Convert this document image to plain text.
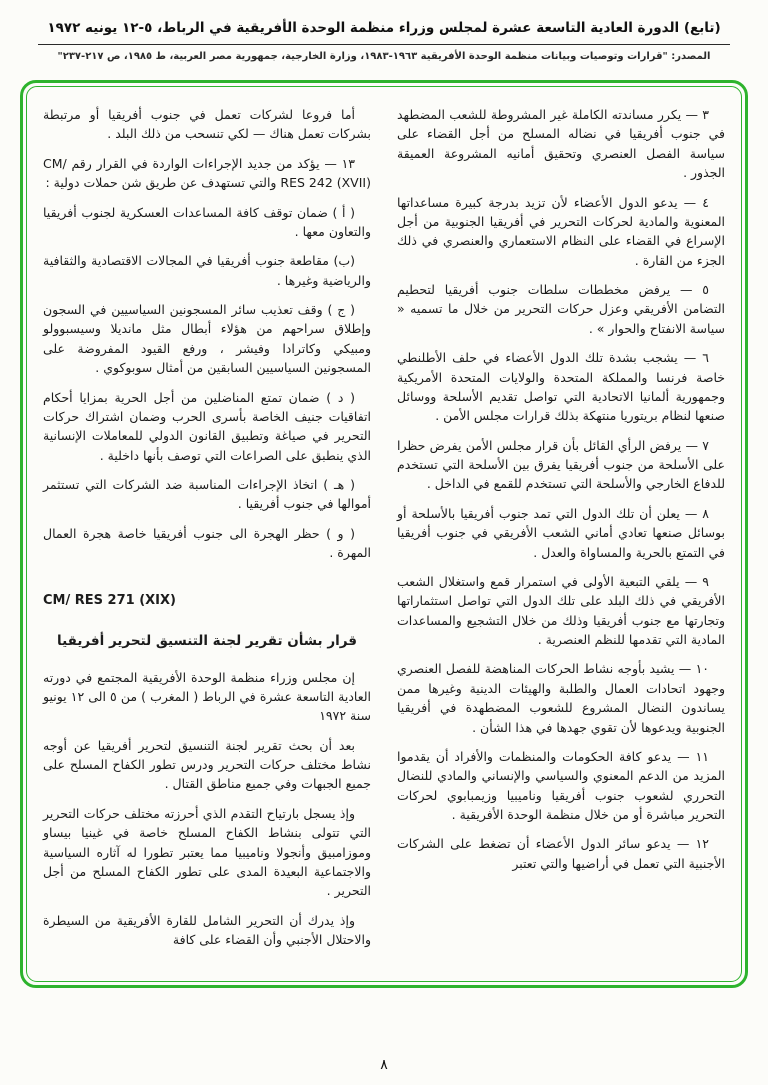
(تابع) الدورة العادية التاسعة عشرة لمجلس وزراء منظمة الوحدة الأفريقية في الرباط، ٥-١٢ يونيه ١٩٧٢
المصدر: "قرارات وتوصيات وبيانات منظمة الوحدة الأفريقية ١٩٦٣-١٩٨٣، وزارة الخارجية، جمهورية مصر العربية، ط ١٩٨٥، ص ٢١٧-٢٣٧"

٣ — يكرر مساندته الكاملة غير المشروطة للشعب المضطهد في جنوب أفريقيا في نضاله المسلح من أجل القضاء على سياسة الفصل العنصري وتحقيق أمانيه المشروعة العميقة الجذور .

٤ — يدعو الدول الأعضاء لأن تزيد بدرجة كبيرة مساعداتها المعنوية والمادية لحركات التحرير في أفريقيا الجنوبية من أجل الإسراع في القضاء على النظام الاستعماري والعنصري في ذلك الجزء من القارة .

٥ — يرفض مخططات سلطات جنوب أفريقيا لتحطيم التضامن الأفريقي وعزل حركات التحرير من خلال ما تسميه « سياسة الانفتاح والحوار » .

٦ — يشجب بشدة تلك الدول الأعضاء في حلف الأطلنطي خاصة فرنسا والمملكة المتحدة والولايات المتحدة الأمريكية وجمهورية ألمانيا الاتحادية التي تواصل تقديم الأسلحة ووسائل صنعها لنظام بريتوريا منتهكة بذلك قرارات مجلس الأمن .

٧ — يرفض الرأي القائل بأن قرار مجلس الأمن يفرض حظرا على الأسلحة من جنوب أفريقيا يفرق بين الأسلحة التي تستخدم للدفاع الخارجي والأسلحة التي تستخدم للقمع في الداخل .

٨ — يعلن أن تلك الدول التي تمد جنوب أفريقيا بالأسلحة أو بوسائل صنعها تعادي أماني الشعب الأفريقي في جنوب أفريقيا في التمتع بالحرية والمساواة والعدل .

٩ — يلقي التبعية الأولى في استمرار قمع واستغلال الشعب الأفريقي في ذلك البلد على تلك الدول التي تواصل استثماراتها وتجارتها مع جنوب أفريقيا وذلك من خلال التشجيع والمساعدات المادية التي تقدمها للنظم العنصرية .

١٠ — يشيد بأوجه نشاط الحركات المناهضة للفصل العنصري وجهود اتحادات العمال والطلبة والهيئات الدينية وغيرها ممن يساندون النضال المشروع للشعوب المضطهدة في أفريقيا الجنوبية ويدعوها لأن تقوي جهدها في هذا الشأن .

١١ — يدعو كافة الحكومات والمنظمات والأفراد أن يقدموا المزيد من الدعم المعنوي والسياسي والإنساني والمادي للنضال التحرري لشعوب جنوب أفريقيا وناميبيا وزيمبابوي لحركات التحرير مباشرة أو من خلال منظمة الوحدة الأفريقية .

١٢ — يدعو سائر الدول الأعضاء أن تضغط على الشركات الأجنبية التي تعمل في أراضيها والتي تعتبر

أما فروعا لشركات تعمل في جنوب أفريقيا أو مرتبطة بشركات تعمل هناك — لكي تنسحب من ذلك البلد .

١٣ — يؤكد من جديد الإجراءات الواردة في القرار رقم CM/ RES 242 (XVII) والتي تستهدف عن طريق شن حملات دولية :

( أ ) ضمان توقف كافة المساعدات العسكرية لجنوب أفريقيا والتعاون معها .

(ب) مقاطعة جنوب أفريقيا في المجالات الاقتصادية والثقافية والرياضية وغيرها .

( ج ) وقف تعذيب سائر المسجونين السياسيين في السجون وإطلاق سراحهم من هؤلاء أبطال مثل مانديلا وسيسبوولو ومبيكي وكاترادا وفيشر ، ورفع القيود المفروضة على المسجونين السياسيين السابقين من أمثال سوبوكوي .

( د ) ضمان تمتع المناضلين من أجل الحرية بمزايا أحكام اتفاقيات جنيف الخاصة بأسرى الحرب وضمان اشتراك حركات التحرير في صياغة وتطبيق القانون الدولي للمعاملات الإنسانية الذي ينطبق على الصراعات التي توصف بأنها داخلية .

( هـ ) اتخاذ الإجراءات المناسبة ضد الشركات التي تستثمر أموالها في جنوب أفريقيا .

( و ) حظر الهجرة الى جنوب أفريقيا خاصة هجرة العمال المهرة .

CM/ RES 271 (XIX)
قرار بشأن تقرير لجنة التنسيق لتحرير أفريقيا

إن مجلس وزراء منظمة الوحدة الأفريقية المجتمع في دورته العادية التاسعة عشرة في الرباط ( المغرب ) من ٥ الى ١٢ يونيو سنة ١٩٧٢

بعد أن بحث تقرير لجنة التنسيق لتحرير أفريقيا عن أوجه نشاط مختلف حركات التحرير ودرس تطور الكفاح المسلح على جميع الجبهات وفي جميع مناطق القتال .

وإذ يسجل بارتياح التقدم الذي أحرزته مختلف حركات التحرير التي تتولى بنشاط الكفاح المسلح خاصة في غينيا بيساو وموزامبيق وأنجولا وناميبيا مما يعتبر تطورا له آثاره السياسية والاجتماعية البعيدة المدى على تطور الكفاح المسلح من أجل التحرير .

وإذ يدرك أن التحرير الشامل للقارة الأفريقية من السيطرة والاحتلال الأجنبي وأن القضاء على كافة

٨
